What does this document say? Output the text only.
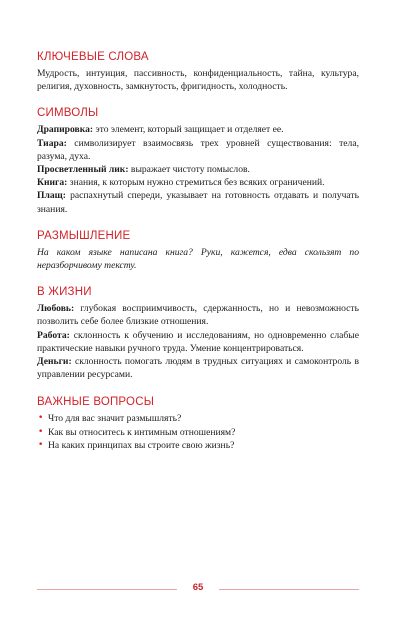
КЛЮЧЕВЫЕ СЛОВА

Мудрость, интуиция, пассивность, конфиденциальность, тайна, культура, религия, духовность, замкнутость, фригидность, холодность.

СИМВОЛЫ

Драпировка: это элемент, который защищает и отделяет ее.

Тиара: символизирует взаимосвязь трех уровней существования: тела, разума, духа.

Просветленный лик: выражает чистоту помыслов.

Книга: знания, к которым нужно стремиться без всяких ограничений.

Плащ: распахнутый спереди, указывает на готовность отдавать и получать знания.

РАЗМЫШЛЕНИЕ

На каком языке написана книга? Руки, кажется, едва скользят по неразборчивому тексту.

В ЖИЗНИ

Любовь: глубокая восприимчивость, сдержанность, но и невозможность позволить себе более близкие отношения.

Работа: склонность к обучению и исследованиям, но одновременно слабые практические навыки ручного труда. Умение концентрироваться.

Деньги: склонность помогать людям в трудных ситуациях и самоконтроль в управлении ресурсами.

ВАЖНЫЕ ВОПРОСЫ
• Что для вас значит размышлять?
• Как вы относитесь к интимным отношениям?
• На каких принципах вы строите свою жизнь?
65
